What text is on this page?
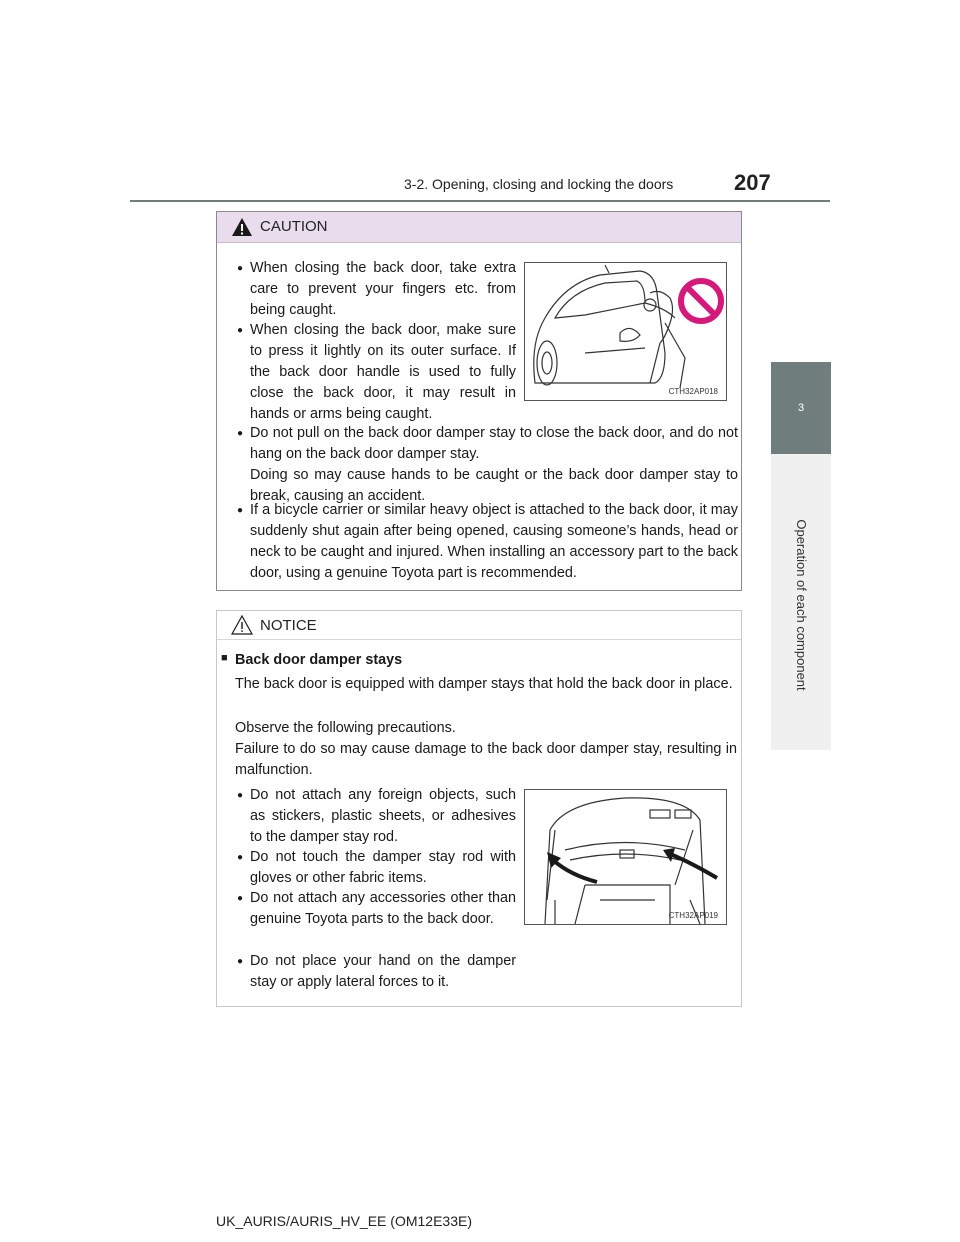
3-2. Opening, closing and locking the doors	207
3
Operation of each component
CAUTION
● When closing the back door, take extra care to prevent your fingers etc. from being caught.
● When closing the back door, make sure to press it lightly on its outer surface. If the back door handle is used to fully close the back door, it may result in hands or arms being caught.
● Do not pull on the back door damper stay to close the back door, and do not hang on the back door damper stay.
Doing so may cause hands to be caught or the back door damper stay to break, causing an accident.
● If a bicycle carrier or similar heavy object is attached to the back door, it may suddenly shut again after being opened, causing someone’s hands, head or neck to be caught and injured. When installing an accessory part to the back door, using a genuine Toyota part is recommended.
CTH32AP018
NOTICE
■ Back door damper stays
The back door is equipped with damper stays that hold the back door in place.
Observe the following precautions.
Failure to do so may cause damage to the back door damper stay, resulting in malfunction.
● Do not attach any foreign objects, such as stickers, plastic sheets, or adhesives to the damper stay rod.
● Do not touch the damper stay rod with gloves or other fabric items.
● Do not attach any accessories other than genuine Toyota parts to the back door.
● Do not place your hand on the damper stay or apply lateral forces to it.
CTH32AP019
UK_AURIS/AURIS_HV_EE (OM12E33E)
